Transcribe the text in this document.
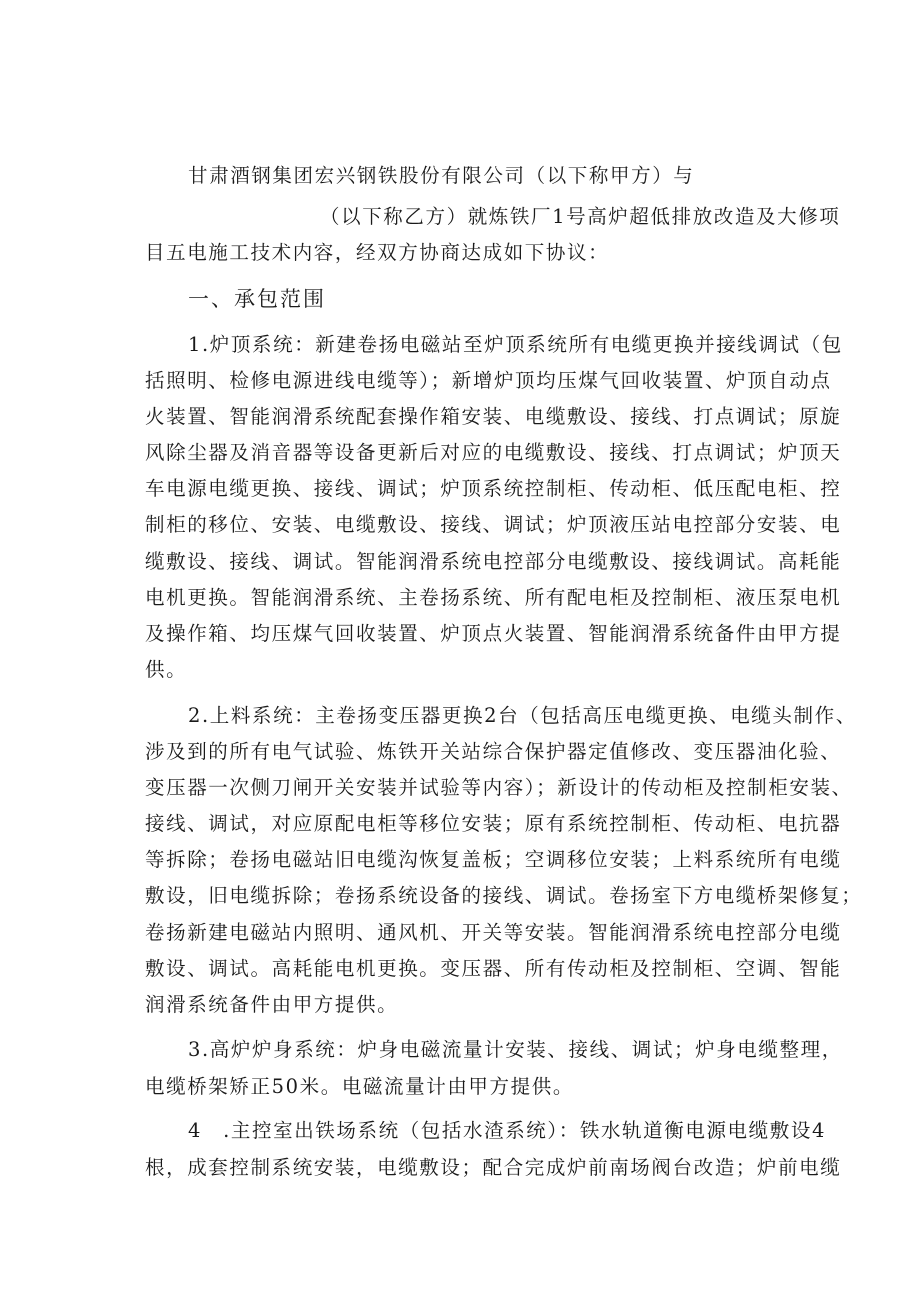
甘肃酒钢集团宏兴钢铁股份有限公司（以下称甲方）与
（以下称乙方）就炼铁厂1号高炉超低排放改造及大修项
目五电施工技术内容，经双方协商达成如下协议：
一、承包范围
1.炉顶系统：新建卷扬电磁站至炉顶系统所有电缆更换并接线调试（包
括照明、检修电源进线电缆等）；新增炉顶均压煤气回收装置、炉顶自动点
火装置、智能润滑系统配套操作箱安装、电缆敷设、接线、打点调试；原旋
风除尘器及消音器等设备更新后对应的电缆敷设、接线、打点调试；炉顶天
车电源电缆更换、接线、调试；炉顶系统控制柜、传动柜、低压配电柜、控
制柜的移位、安装、电缆敷设、接线、调试；炉顶液压站电控部分安装、电
缆敷设、接线、调试。智能润滑系统电控部分电缆敷设、接线调试。高耗能
电机更换。智能润滑系统、主卷扬系统、所有配电柜及控制柜、液压泵电机
及操作箱、均压煤气回收装置、炉顶点火装置、智能润滑系统备件由甲方提
供。
2.上料系统：主卷扬变压器更换2台（包括高压电缆更换、电缆头制作、
涉及到的所有电气试验、炼铁开关站综合保护器定值修改、变压器油化验、
变压器一次侧刀闸开关安装并试验等内容）；新设计的传动柜及控制柜安装、
接线、调试，对应原配电柜等移位安装；原有系统控制柜、传动柜、电抗器
等拆除；卷扬电磁站旧电缆沟恢复盖板；空调移位安装；上料系统所有电缆
敷设，旧电缆拆除；卷扬系统设备的接线、调试。卷扬室下方电缆桥架修复；
卷扬新建电磁站内照明、通风机、开关等安装。智能润滑系统电控部分电缆
敷设、调试。高耗能电机更换。变压器、所有传动柜及控制柜、空调、智能
润滑系统备件由甲方提供。
3.高炉炉身系统：炉身电磁流量计安装、接线、调试；炉身电缆整理，
电缆桥架矫正50米。电磁流量计由甲方提供。
4　.主控室出铁场系统（包括水渣系统）：铁水轨道衡电源电缆敷设4
根，成套控制系统安装，电缆敷设；配合完成炉前南场阀台改造；炉前电缆
